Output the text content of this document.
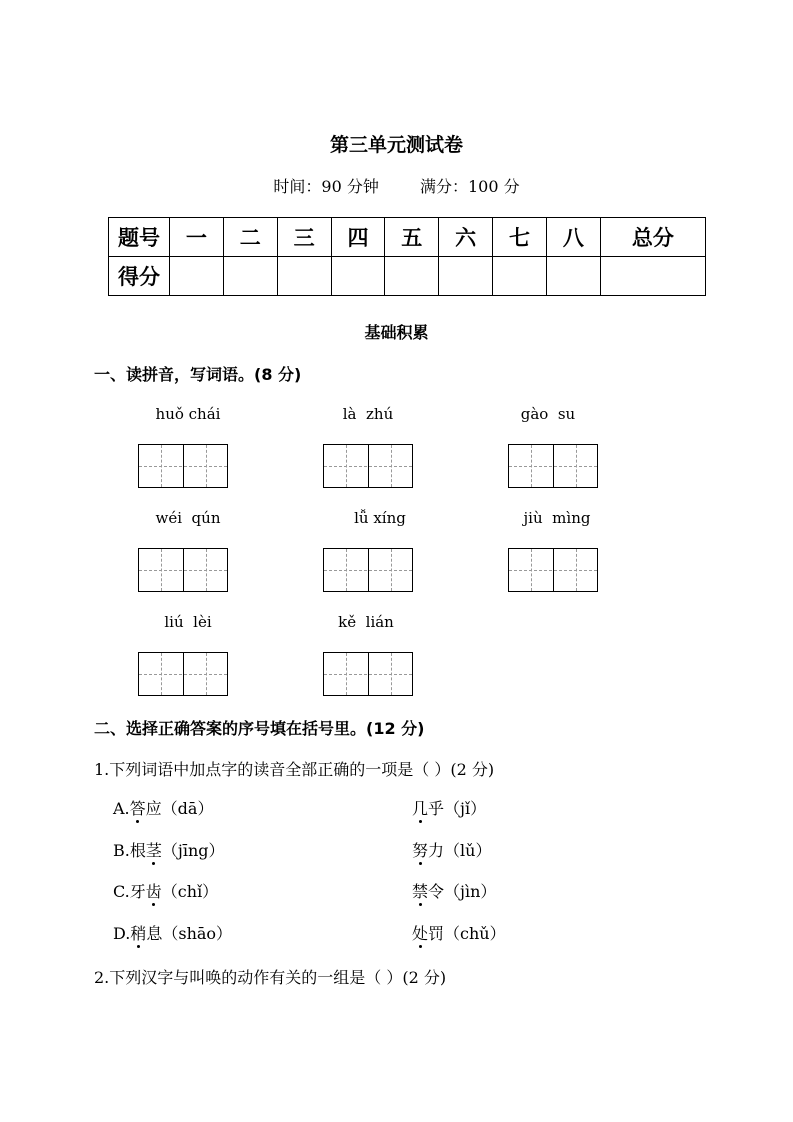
第三单元测试卷
时间：90 分钟	满分：100 分
题号	一	二	三	四	五	六	七	八	总分
得分									
基础积累
一、读拼音，写词语。(8 分)
huǒ chái	là  zhú	gào  su
wéi  qún	lǚ xíng	jiù  mìng
liú  lèi	kě  lián
二、选择正确答案的序号填在括号里。(12 分)
1.下列词语中加点字的读音全部正确的一项是（ ）(2 分)
A.答应（dā）	几乎（jǐ）
B.根茎（jīng）	努力（lǔ）
C.牙齿（chǐ）	禁令（jìn）
D.稍息（shāo）	处罚（chǔ）
2.下列汉字与叫唤的动作有关的一组是（ ）(2 分)
